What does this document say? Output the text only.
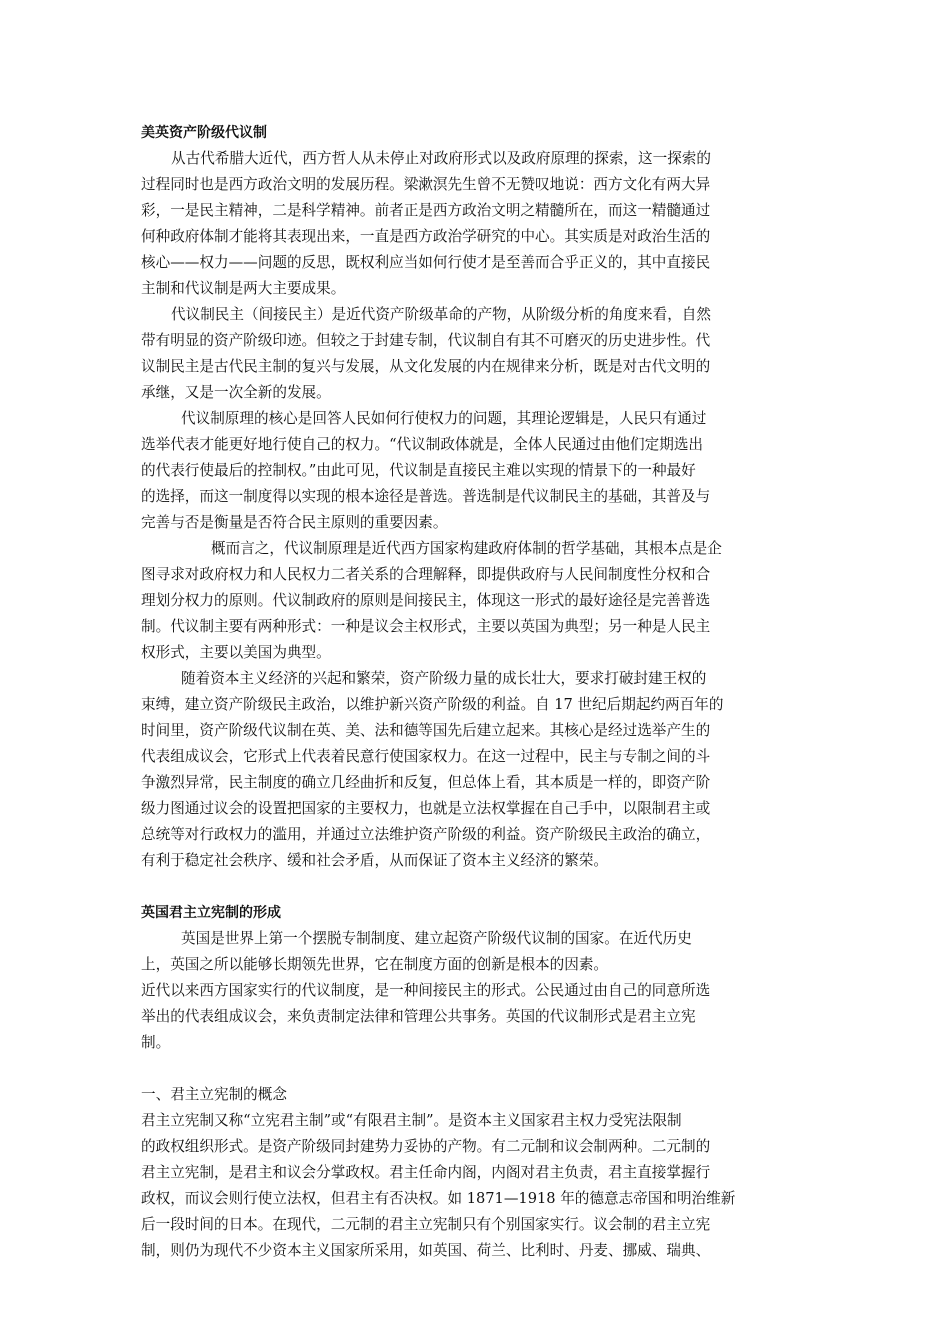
美英资产阶级代议制
从古代希腊大近代，西方哲人从未停止对政府形式以及政府原理的探索，这一探索的
过程同时也是西方政治文明的发展历程。梁漱溟先生曾不无赞叹地说：西方文化有两大异
彩，一是民主精神，二是科学精神。前者正是西方政治文明之精髓所在，而这一精髓通过
何种政府体制才能将其表现出来，一直是西方政治学研究的中心。其实质是对政治生活的
核心——权力——问题的反思，既权利应当如何行使才是至善而合乎正义的，其中直接民
主制和代议制是两大主要成果。
代议制民主（间接民主）是近代资产阶级革命的产物，从阶级分析的角度来看，自然
带有明显的资产阶级印迹。但较之于封建专制，代议制自有其不可磨灭的历史进步性。代
议制民主是古代民主制的复兴与发展，从文化发展的内在规律来分析，既是对古代文明的
承继，又是一次全新的发展。
代议制原理的核心是回答人民如何行使权力的问题，其理论逻辑是，人民只有通过
选举代表才能更好地行使自己的权力。“代议制政体就是，全体人民通过由他们定期选出
的代表行使最后的控制权。”由此可见，代议制是直接民主难以实现的情景下的一种最好
的选择，而这一制度得以实现的根本途径是普选。普选制是代议制民主的基础，其普及与
完善与否是衡量是否符合民主原则的重要因素。
概而言之，代议制原理是近代西方国家构建政府体制的哲学基础，其根本点是企
图寻求对政府权力和人民权力二者关系的合理解释，即提供政府与人民间制度性分权和合
理划分权力的原则。代议制政府的原则是间接民主，体现这一形式的最好途径是完善普选
制。代议制主要有两种形式：一种是议会主权形式，主要以英国为典型；另一种是人民主
权形式，主要以美国为典型。
随着资本主义经济的兴起和繁荣，资产阶级力量的成长壮大，要求打破封建王权的
束缚，建立资产阶级民主政治，以维护新兴资产阶级的利益。自 17 世纪后期起约两百年的
时间里，资产阶级代议制在英、美、法和德等国先后建立起来。其核心是经过选举产生的
代表组成议会，它形式上代表着民意行使国家权力。在这一过程中，民主与专制之间的斗
争激烈异常，民主制度的确立几经曲折和反复，但总体上看，其本质是一样的，即资产阶
级力图通过议会的设置把国家的主要权力，也就是立法权掌握在自己手中，以限制君主或
总统等对行政权力的滥用，并通过立法维护资产阶级的利益。资产阶级民主政治的确立，
有利于稳定社会秩序、缓和社会矛盾，从而保证了资本主义经济的繁荣。
英国君主立宪制的形成
英国是世界上第一个摆脱专制制度、建立起资产阶级代议制的国家。在近代历史
上，英国之所以能够长期领先世界，它在制度方面的创新是根本的因素。
近代以来西方国家实行的代议制度，是一种间接民主的形式。公民通过由自己的同意所选
举出的代表组成议会，来负责制定法律和管理公共事务。英国的代议制形式是君主立宪
制。
一、君主立宪制的概念
君主立宪制又称“立宪君主制”或“有限君主制”。是资本主义国家君主权力受宪法限制
的政权组织形式。是资产阶级同封建势力妥协的产物。有二元制和议会制两种。二元制的
君主立宪制，是君主和议会分掌政权。君主任命内阁，内阁对君主负责，君主直接掌握行
政权，而议会则行使立法权，但君主有否决权。如 1871—1918 年的德意志帝国和明治维新
后一段时间的日本。在现代，二元制的君主立宪制只有个别国家实行。议会制的君主立宪
制，则仍为现代不少资本主义国家所采用，如英国、荷兰、比利时、丹麦、挪威、瑞典、
